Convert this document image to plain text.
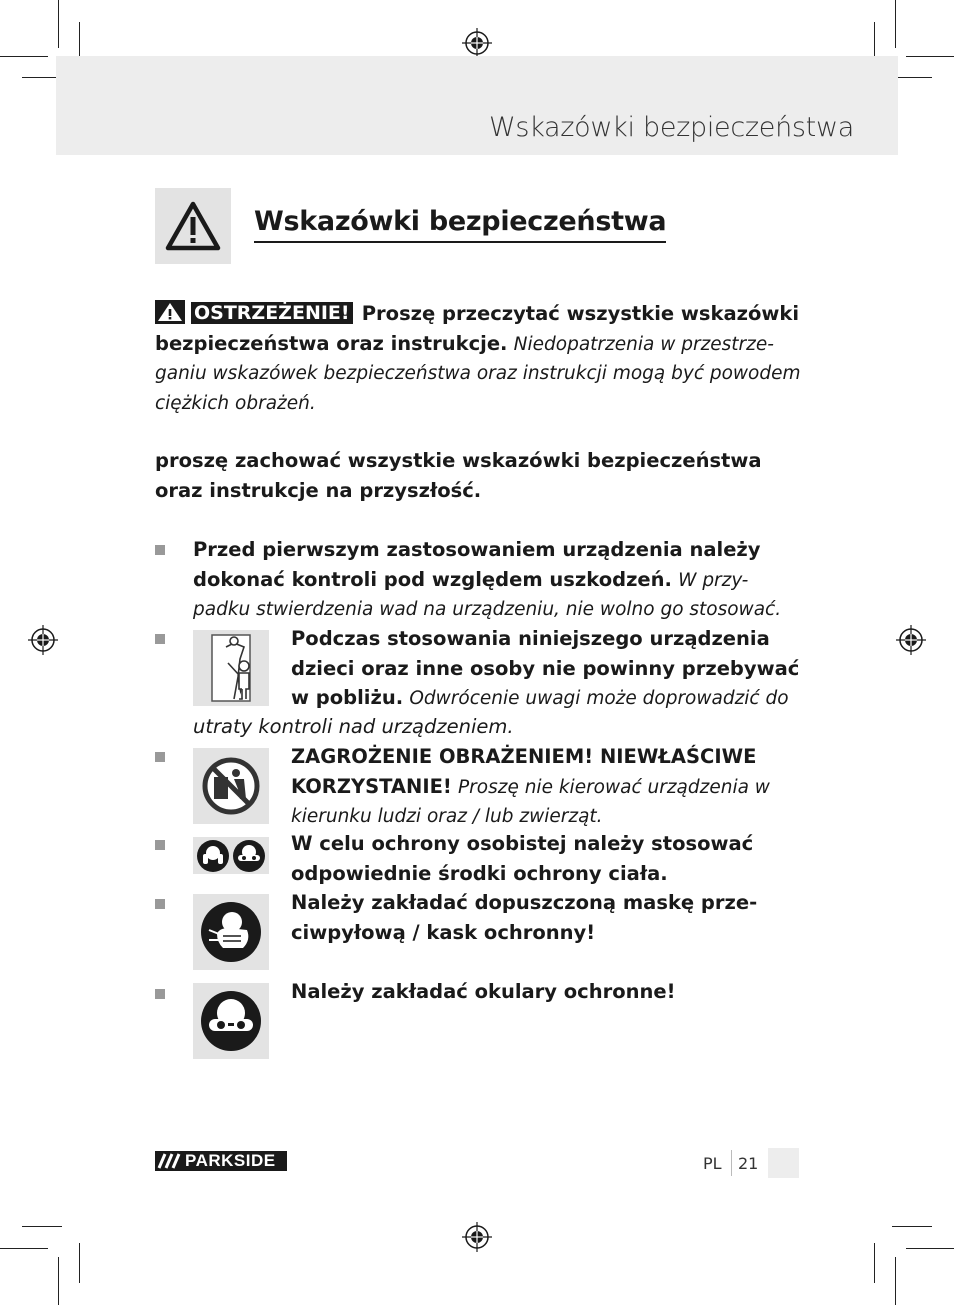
Wskazówki bezpieczeństwa
Wskazówki bezpieczeństwa
OSTRZEŻENIE! Proszę przeczytać wszystkie wskazówki
bezpieczeństwa oraz instrukcje. Niedopatrzenia w przestrze-
ganiu wskazówek bezpieczeństwa oraz instrukcji mogą być powodem
ciężkich obrażeń.
proszę zachować wszystkie wskazówki bezpieczeństwa
oraz instrukcje na przyszłość.
Przed pierwszym zastosowaniem urządzenia należy
dokonać kontroli pod względem uszkodzeń. W przy-
padku stwierdzenia wad na urządzeniu, nie wolno go stosować.
Podczas stosowania niniejszego urządzenia
dzieci oraz inne osoby nie powinny przebywać
w pobliżu. Odwrócenie uwagi może doprowadzić do
utraty kontroli nad urządzeniem.
ZAGROŻENIE OBRAŻENIEM! NIEWŁAŚCIWE
KORZYSTANIE! Proszę nie kierować urządzenia w
kierunku ludzi oraz / lub zwierząt.
W celu ochrony osobistej należy stosować
odpowiednie środki ochrony ciała.
Należy zakładać dopuszczoną maskę prze-
ciwpyłową / kask ochronny!
Należy zakładać okulary ochronne!
PARKSIDE	PL 21
